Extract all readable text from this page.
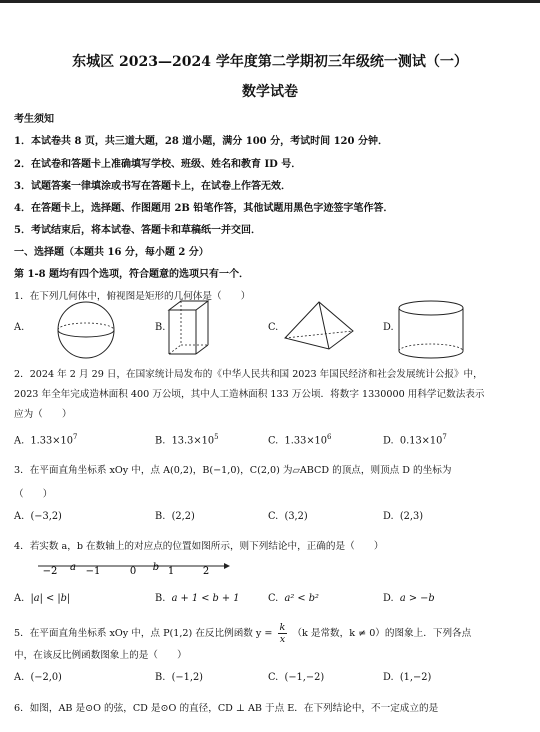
东城区 2023—2024 学年度第二学期初三年级统一测试（一）
数学试卷
考生须知
1．本试卷共 8 页，共三道大题，28 道小题，满分 100 分，考试时间 120 分钟．
2．在试卷和答题卡上准确填写学校、班级、姓名和教育 ID 号．
3．试题答案一律填涂或书写在答题卡上，在试卷上作答无效．
4．在答题卡上，选择题、作图题用 2B 铅笔作答，其他试题用黑色字迹签字笔作答．
5．考试结束后，将本试卷、答题卡和草稿纸一并交回．
一、选择题（本题共 16 分，每小题 2 分）
第 1-8 题均有四个选项，符合题意的选项只有一个．
1．在下列几何体中，俯视图是矩形的几何体是（　　）
A.	B.	C.	D.
2．2024 年 2 月 29 日，在国家统计局发布的《中华人民共和国 2023 年国民经济和社会发展统计公报》中，
2023 年全年完成造林面积 400 万公顷，其中人工造林面积 133 万公顷．将数字 1330000 用科学记数法表示
应为（　　）
A. $1.33\times 10^7$	B. $13.3\times 10^5$	C. $1.33\times 10^6$	D. $0.13\times 10^7$
3．在平面直角坐标系 xOy 中，点 A(0,2)，B(−1,0)，C(2,0) 为▱ABCD 的顶点，则顶点 D 的坐标为
（　　）
A. (−3,2)	B. (2,2)	C. (3,2)	D. (2,3)
4．若实数 a，b 在数轴上的对应点的位置如图所示，则下列结论中，正确的是（　　）
−2 a −1	0 b 1	2
A. |a| < |b|	B. a + 1 < b + 1	C. a² < b²	D. a > −b
5．在平面直角坐标系 xOy 中，点 P(1,2) 在反比例函数 $y = \frac{k}{x} (k$ 是常数，k ≠ 0）的图象上．下列各点
中，在该反比例函数图象上的是（　　）
A. (−2,0)	B. (−1,2)	C. (−1,−2)	D. (1,−2)
6．如图，AB 是⊙O 的弦，CD 是⊙O 的直径，CD ⊥ AB 于点 E．在下列结论中，不一定成立的是
